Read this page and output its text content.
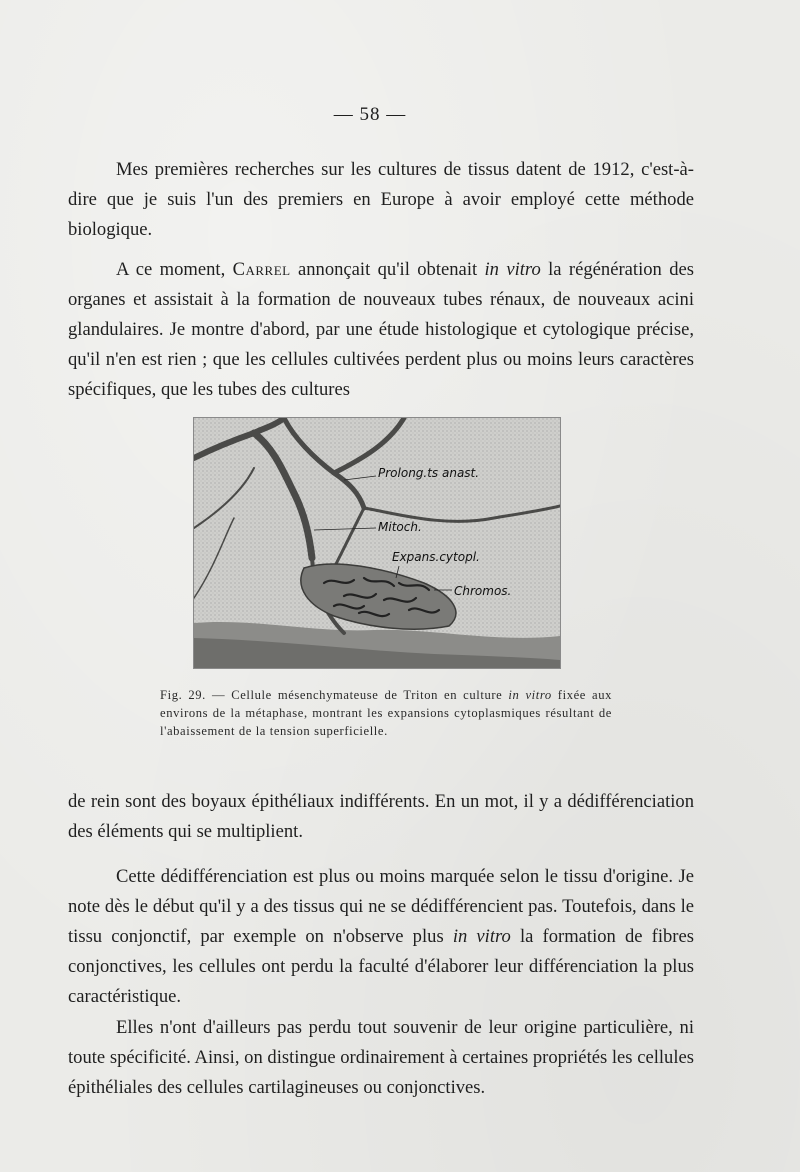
— 58 —

Mes premières recherches sur les cultures de tissus datent de 1912, c'est-à-dire que je suis l'un des premiers en Europe à avoir employé cette méthode biologique.

A ce moment, Carrel annonçait qu'il obtenait in vitro la régénération des organes et assistait à la formation de nouveaux tubes rénaux, de nouveaux acini glandulaires. Je montre d'abord, par une étude histologique et cytologique précise, qu'il n'en est rien ; que les cellules cultivées perdent plus ou moins leurs caractères spécifiques, que les tubes des cultures

Prolong.ts anast.
Mitoch.
Expans.cytopl.
Chromos.

Fig. 29. — Cellule mésenchymateuse de Triton en culture in vitro fixée aux environs de la métaphase, montrant les expansions cytoplasmiques résultant de l'abaissement de la tension superficielle.

de rein sont des boyaux épithéliaux indifférents. En un mot, il y a dédifférenciation des éléments qui se multiplient.

Cette dédifférenciation est plus ou moins marquée selon le tissu d'origine. Je note dès le début qu'il y a des tissus qui ne se dédifférencient pas. Toutefois, dans le tissu conjonctif, par exemple on n'observe plus in vitro la formation de fibres conjonctives, les cellules ont perdu la faculté d'élaborer leur différenciation la plus caractéristique.

Elles n'ont d'ailleurs pas perdu tout souvenir de leur origine particulière, ni toute spécificité. Ainsi, on distingue ordinairement à certaines propriétés les cellules épithéliales des cellules cartilagineuses ou conjonctives.
